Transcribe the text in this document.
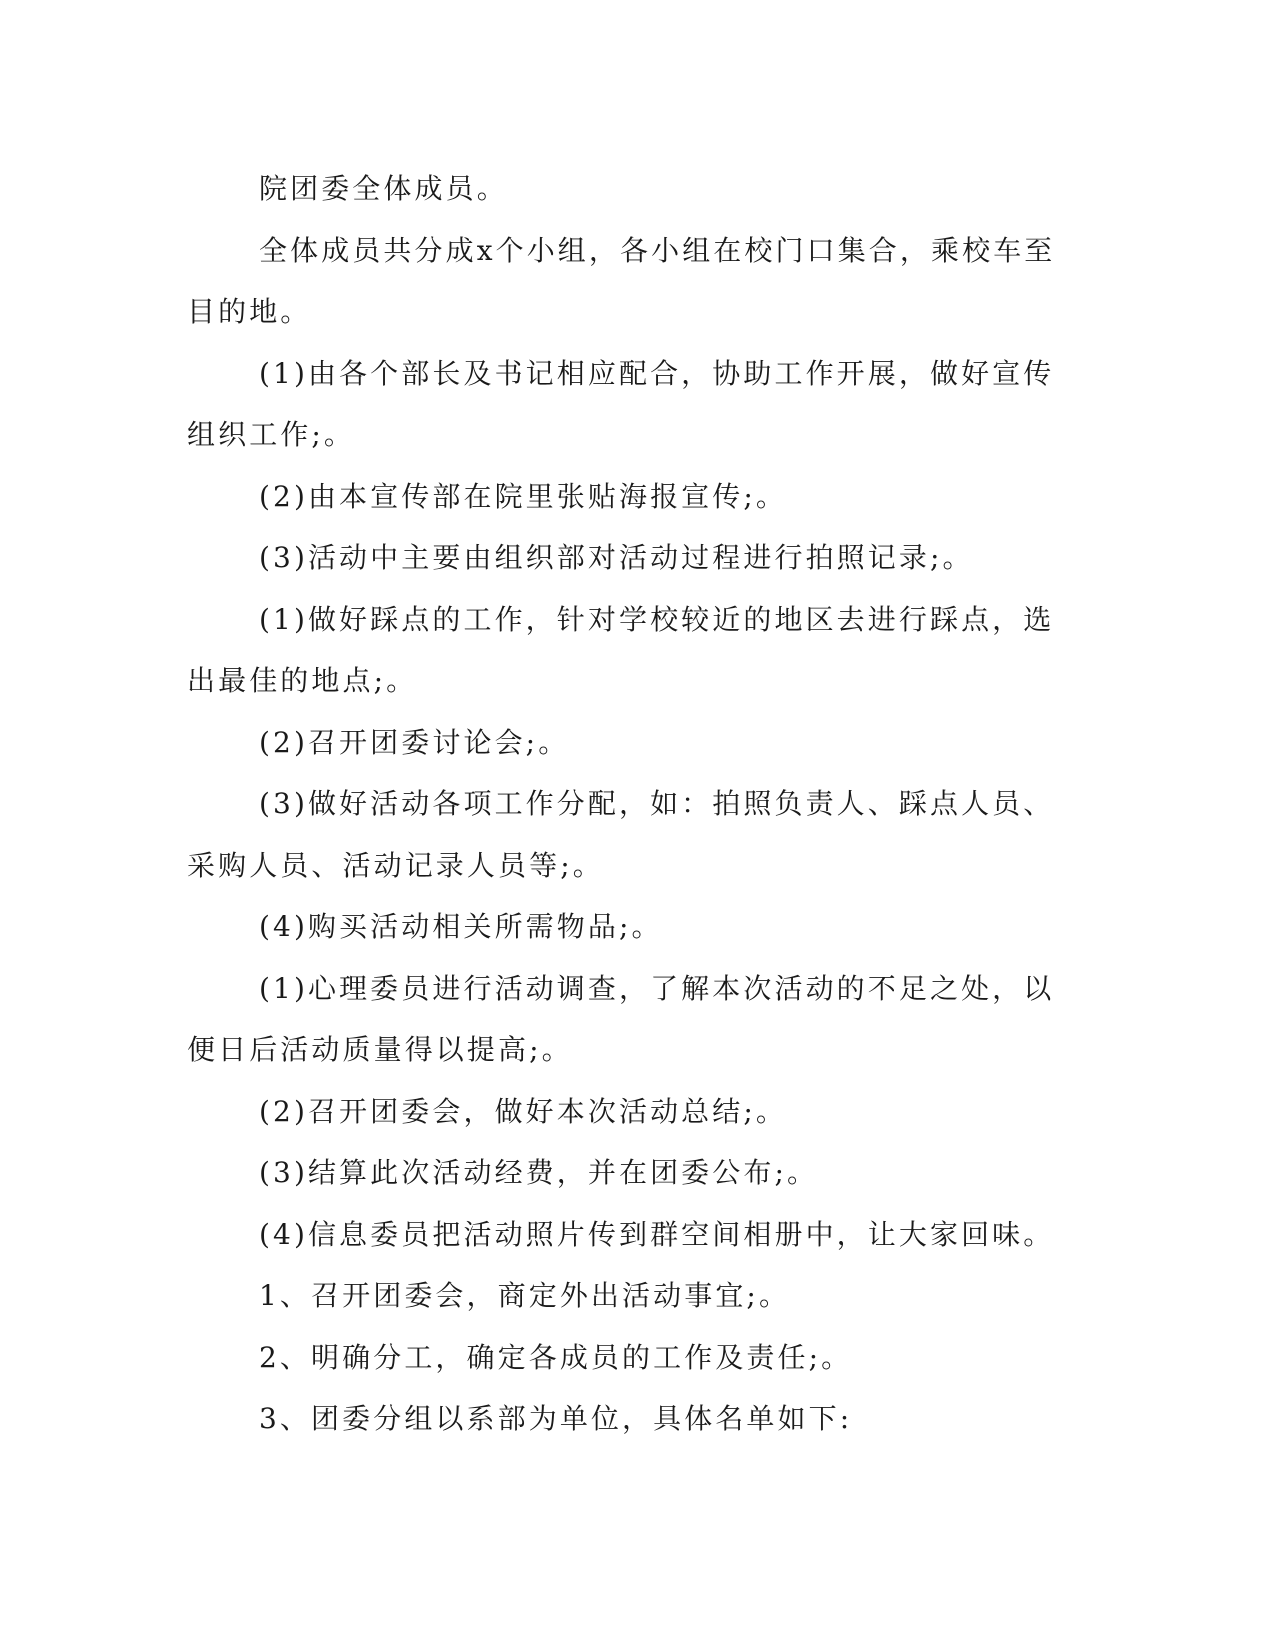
院团委全体成员。

全体成员共分成x个小组，各小组在校门口集合，乘校车至目的地。

(1)由各个部长及书记相应配合，协助工作开展，做好宣传组织工作;。

(2)由本宣传部在院里张贴海报宣传;。

(3)活动中主要由组织部对活动过程进行拍照记录;。

(1)做好踩点的工作，针对学校较近的地区去进行踩点，选出最佳的地点;。

(2)召开团委讨论会;。

(3)做好活动各项工作分配，如：拍照负责人、踩点人员、采购人员、活动记录人员等;。

(4)购买活动相关所需物品;。

(1)心理委员进行活动调查，了解本次活动的不足之处，以便日后活动质量得以提高;。

(2)召开团委会，做好本次活动总结;。

(3)结算此次活动经费，并在团委公布;。

(4)信息委员把活动照片传到群空间相册中，让大家回味。

1、召开团委会，商定外出活动事宜;。

2、明确分工，确定各成员的工作及责任;。

3、团委分组以系部为单位，具体名单如下:
